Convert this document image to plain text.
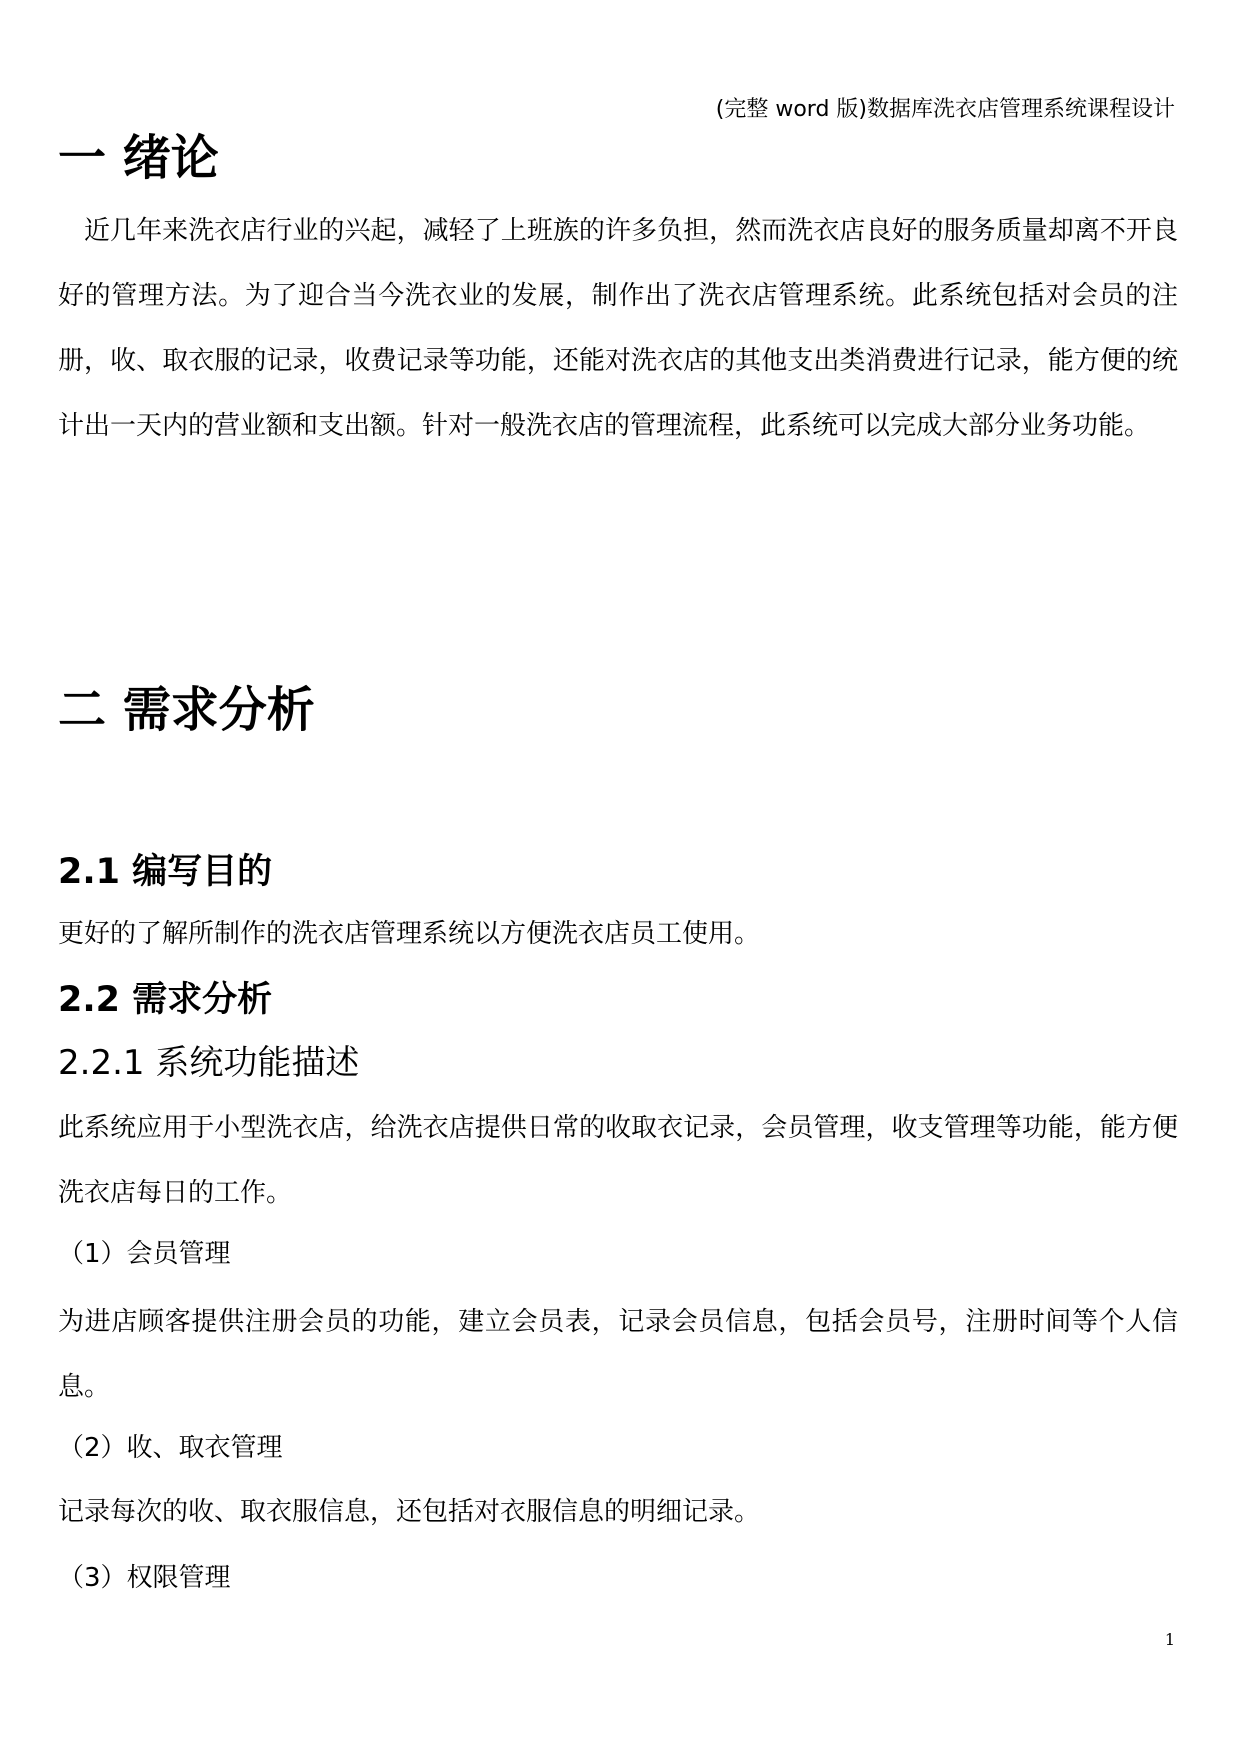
(完整 word 版)数据库洗衣店管理系统课程设计
一 绪论

近几年来洗衣店行业的兴起，减轻了上班族的许多负担，然而洗衣店良好的服务质量却离不开良好的管理方法。为了迎合当今洗衣业的发展，制作出了洗衣店管理系统。此系统包括对会员的注册，收、取衣服的记录，收费记录等功能，还能对洗衣店的其他支出类消费进行记录，能方便的统计出一天内的营业额和支出额。针对一般洗衣店的管理流程，此系统可以完成大部分业务功能。

二 需求分析
2.1 编写目的

更好的了解所制作的洗衣店管理系统以方便洗衣店员工使用。

2.2 需求分析
2.2.1 系统功能描述

此系统应用于小型洗衣店，给洗衣店提供日常的收取衣记录，会员管理，收支管理等功能，能方便洗衣店每日的工作。

（1）会员管理

为进店顾客提供注册会员的功能，建立会员表，记录会员信息，包括会员号，注册时间等个人信息。

（2）收、取衣管理

记录每次的收、取衣服信息，还包括对衣服信息的明细记录。

（3）权限管理

1
